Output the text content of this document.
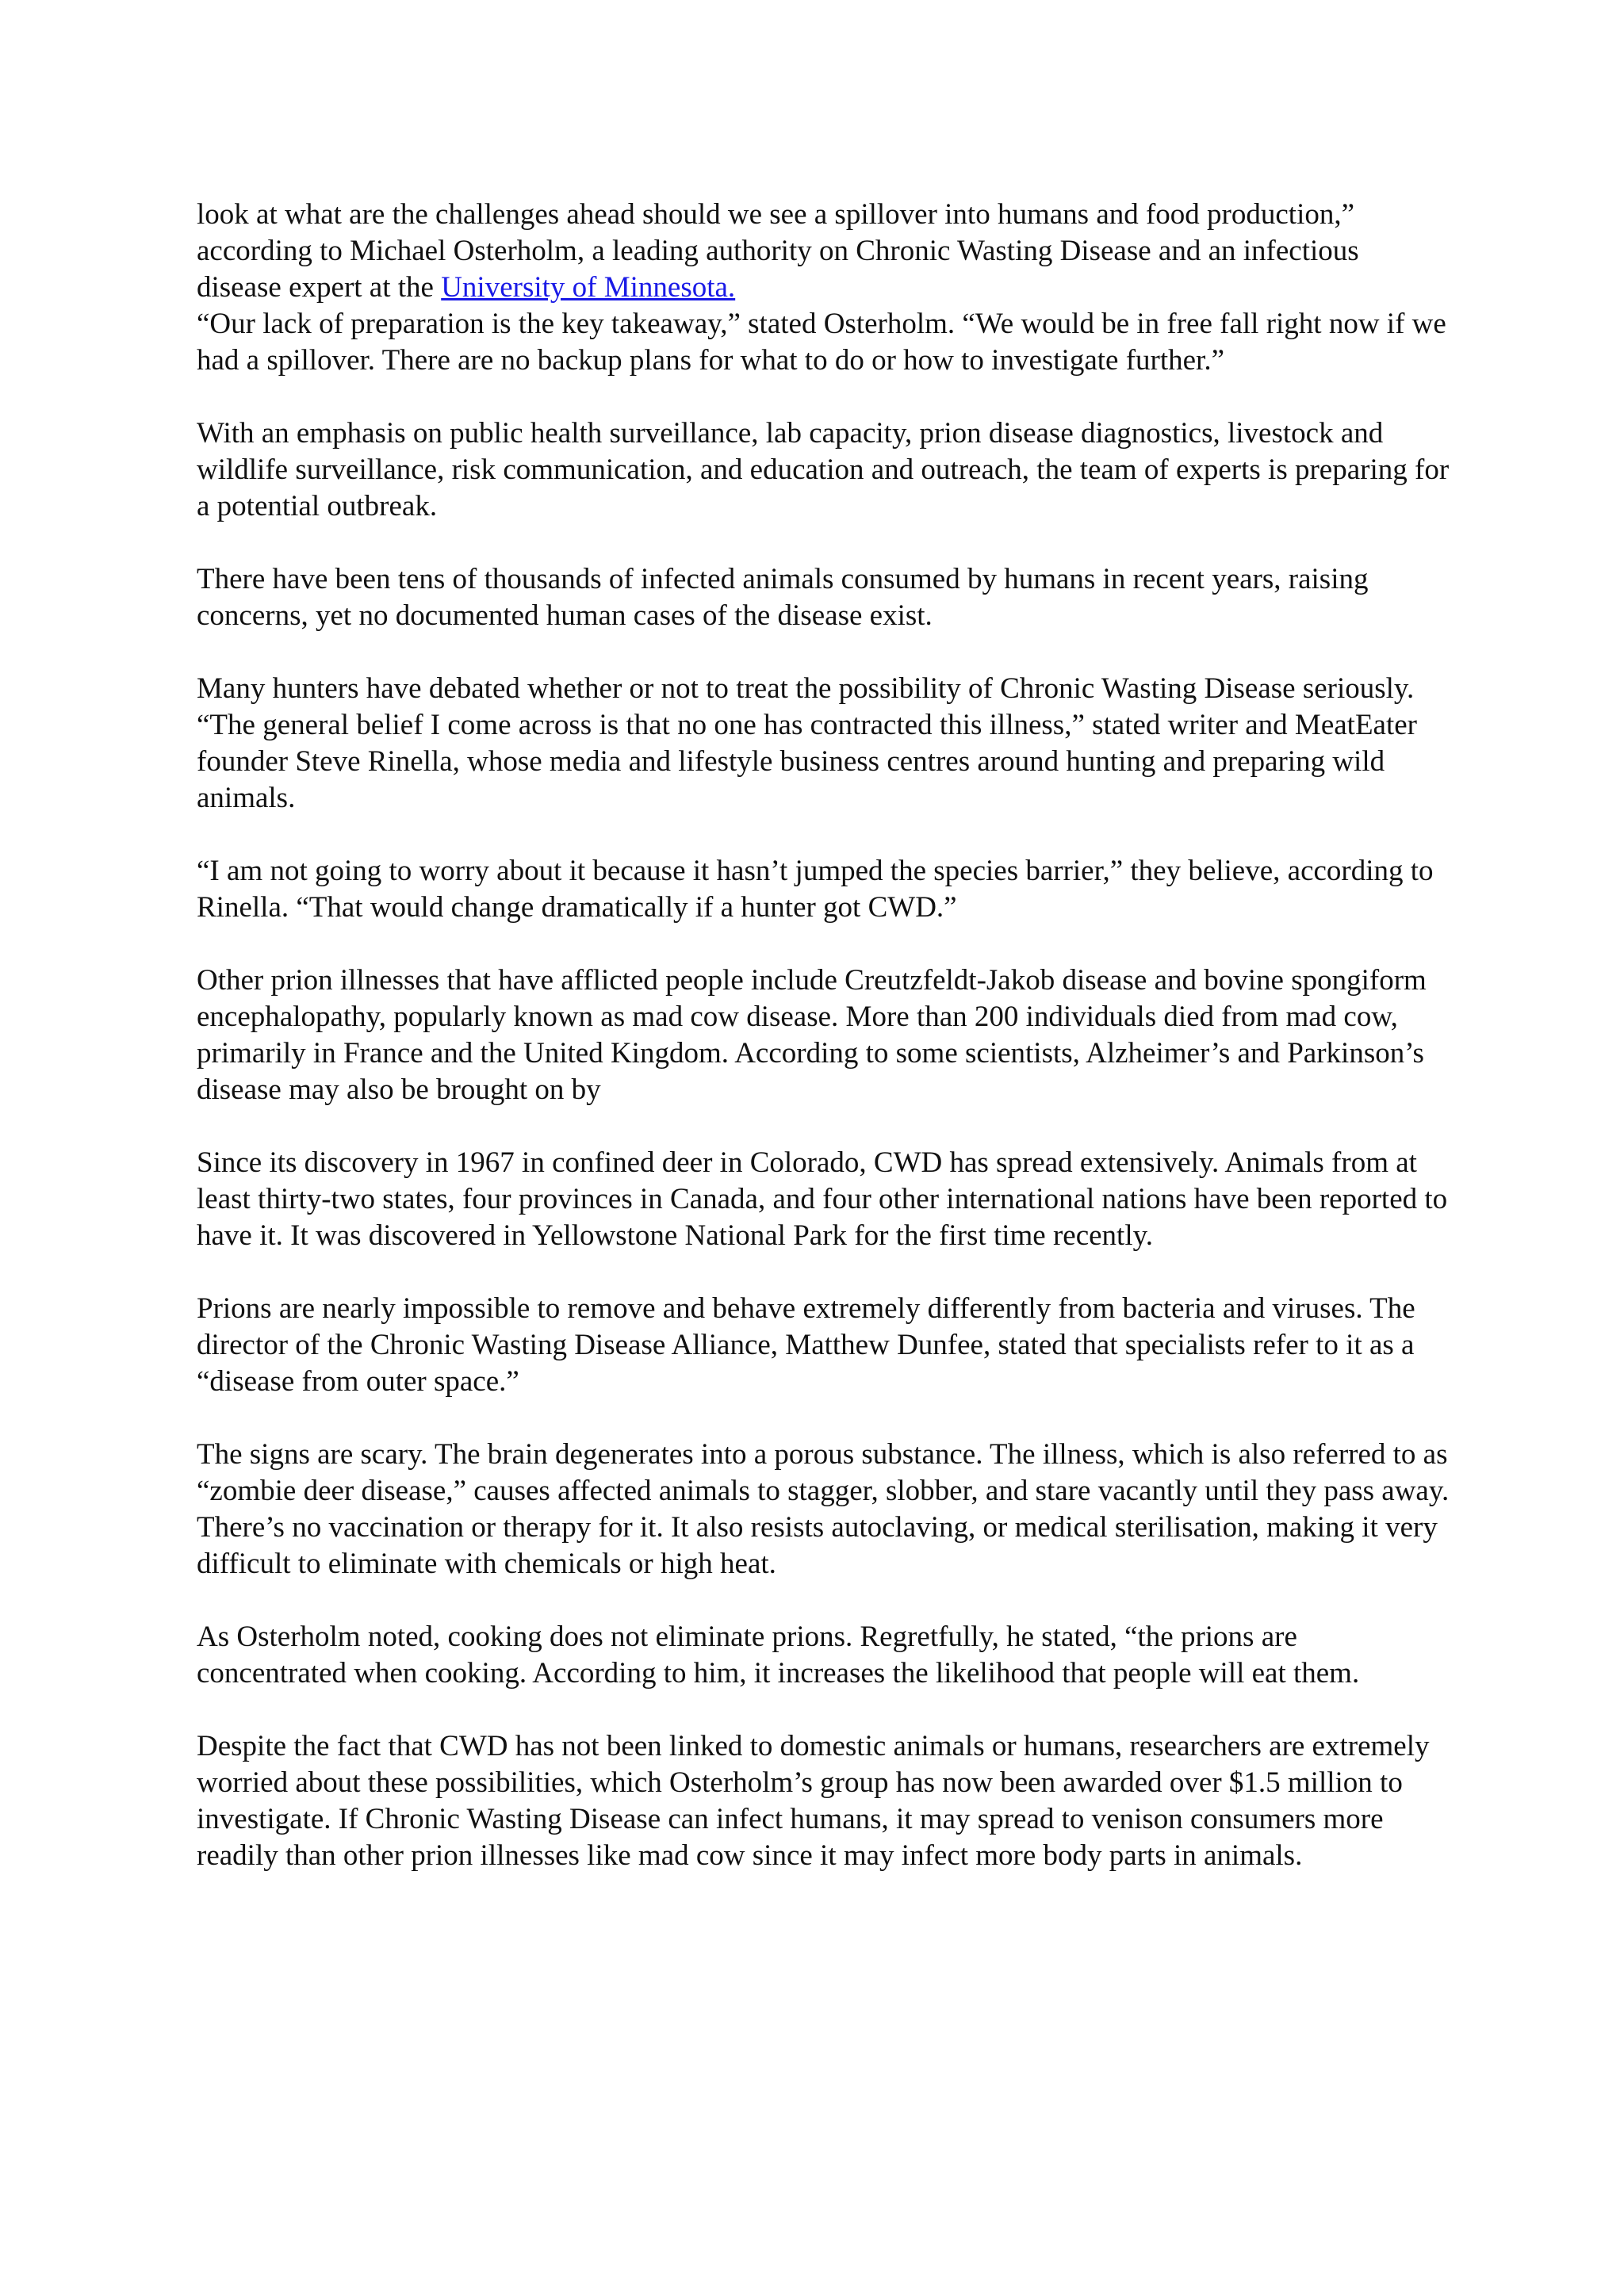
look at what are the challenges ahead should we see a spillover into humans and food production,” according to Michael Osterholm, a leading authority on Chronic Wasting Disease and an infectious disease expert at the University of Minnesota.

“Our lack of preparation is the key takeaway,” stated Osterholm. “We would be in free fall right now if we had a spillover. There are no backup plans for what to do or how to investigate further.”

With an emphasis on public health surveillance, lab capacity, prion disease diagnostics, livestock and wildlife surveillance, risk communication, and education and outreach, the team of experts is preparing for a potential outbreak.

There have been tens of thousands of infected animals consumed by humans in recent years, raising concerns, yet no documented human cases of the disease exist.

Many hunters have debated whether or not to treat the possibility of Chronic Wasting Disease seriously. “The general belief I come across is that no one has contracted this illness,” stated writer and MeatEater founder Steve Rinella, whose media and lifestyle business centres around hunting and preparing wild animals.

“I am not going to worry about it because it hasn’t jumped the species barrier,” they believe, according to Rinella. “That would change dramatically if a hunter got CWD.”

Other prion illnesses that have afflicted people include Creutzfeldt-Jakob disease and bovine spongiform encephalopathy, popularly known as mad cow disease. More than 200 individuals died from mad cow, primarily in France and the United Kingdom. According to some scientists, Alzheimer’s and Parkinson’s disease may also be brought on by

Since its discovery in 1967 in confined deer in Colorado, CWD has spread extensively. Animals from at least thirty-two states, four provinces in Canada, and four other international nations have been reported to have it. It was discovered in Yellowstone National Park for the first time recently.

Prions are nearly impossible to remove and behave extremely differently from bacteria and viruses. The director of the Chronic Wasting Disease Alliance, Matthew Dunfee, stated that specialists refer to it as a “disease from outer space.”

The signs are scary. The brain degenerates into a porous substance. The illness, which is also referred to as “zombie deer disease,” causes affected animals to stagger, slobber, and stare vacantly until they pass away. There’s no vaccination or therapy for it. It also resists autoclaving, or medical sterilisation, making it very difficult to eliminate with chemicals or high heat.

As Osterholm noted, cooking does not eliminate prions. Regretfully, he stated, “the prions are concentrated when cooking. According to him, it increases the likelihood that people will eat them.

Despite the fact that CWD has not been linked to domestic animals or humans, researchers are extremely worried about these possibilities, which Osterholm’s group has now been awarded over $1.5 million to investigate. If Chronic Wasting Disease can infect humans, it may spread to venison consumers more readily than other prion illnesses like mad cow since it may infect more body parts in animals.
